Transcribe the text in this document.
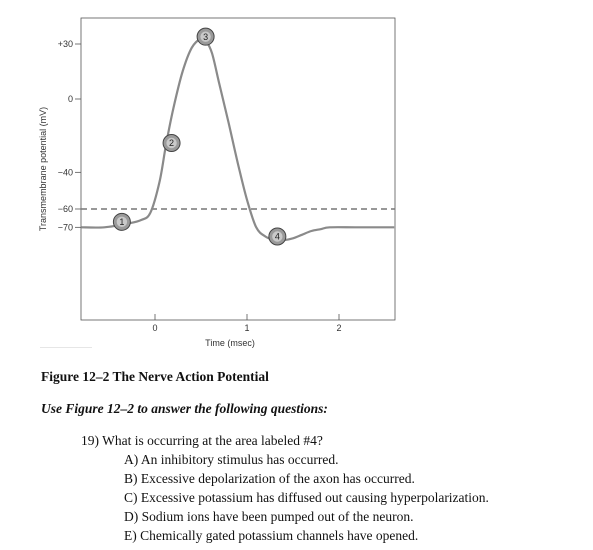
+30
0
−40
−60
−70
0	1	2
1
2
3
4
Time (msec)
Transmembrane potential (mV)
Figure 12–2 The Nerve Action Potential
Use Figure 12–2 to answer the following questions:
19) What is occurring at the area labeled #4?
A) An inhibitory stimulus has occurred.
B) Excessive depolarization of the axon has occurred.
C) Excessive potassium has diffused out causing hyperpolarization.
D) Sodium ions have been pumped out of the neuron.
E) Chemically gated potassium channels have opened.
